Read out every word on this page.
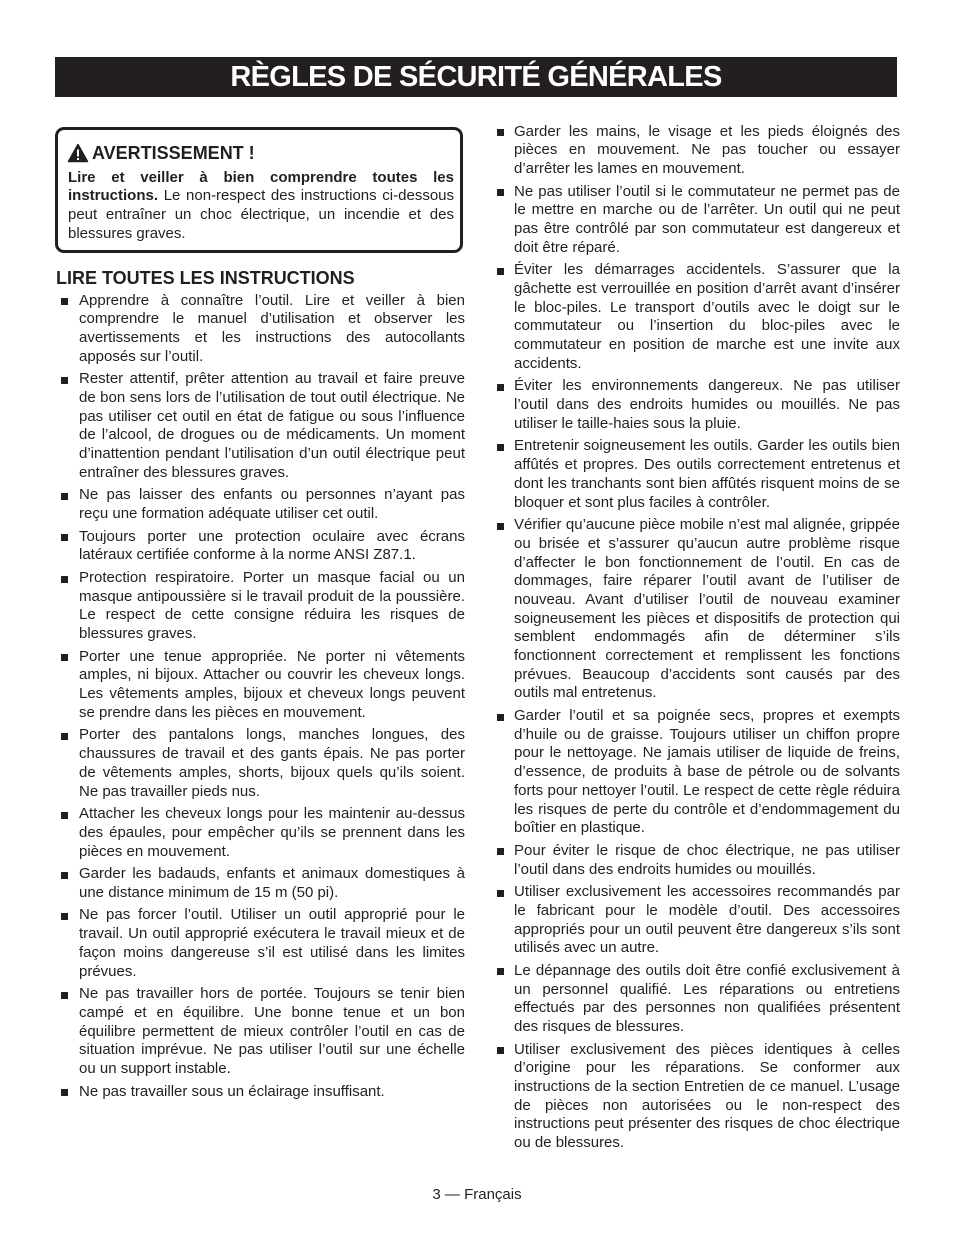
RÈGLES DE SÉCURITÉ GÉNÉRALES
AVERTISSEMENT !

Lire et veiller à bien comprendre toutes les instructions. Le non-respect des instructions ci-dessous peut entraîner un choc électrique, un incendie et des blessures graves.

LIRE TOUTES LES INSTRUCTIONS
Apprendre à connaître l’outil. Lire et veiller à bien comprendre le manuel d’utilisation et observer les avertissements et les instructions des autocollants apposés sur l’outil.
Rester attentif, prêter attention au travail et faire preuve de bon sens lors de l’utilisation de tout outil électrique. Ne pas utiliser cet outil en état de fatigue ou sous l’influence de l’alcool, de drogues ou de médicaments. Un moment d’inattention pendant l’utilisation d’un outil électrique peut entraîner des blessures graves.
Ne pas laisser des enfants ou personnes n’ayant pas reçu une formation adéquate utiliser cet outil.
Toujours porter une protection oculaire avec écrans latéraux certifiée conforme à la norme ANSI Z87.1.
Protection respiratoire. Porter un masque facial ou un masque antipoussière si le travail produit de la poussière. Le respect de cette consigne réduira les risques de blessures graves.
Porter une tenue appropriée. Ne porter ni vêtements amples, ni bijoux. Attacher ou couvrir les cheveux longs. Les vêtements amples, bijoux et cheveux longs peuvent se prendre dans les pièces en mouvement.
Porter des pantalons longs, manches longues, des chaussures de travail et des gants épais. Ne pas porter de vêtements amples, shorts, bijoux quels qu’ils soient. Ne pas travailler pieds nus.
Attacher les cheveux longs pour les maintenir au-dessus des épaules, pour empêcher qu’ils se prennent dans les pièces en mouvement.
Garder les badauds, enfants et animaux domestiques à une distance minimum de 15 m (50 pi).
Ne pas forcer l’outil. Utiliser un outil approprié pour le travail. Un outil approprié exécutera le travail mieux et de façon moins dangereuse s’il est utilisé dans les limites prévues.
Ne pas travailler hors de portée. Toujours se tenir bien campé et en équilibre. Une bonne tenue et un bon équilibre permettent de mieux contrôler l’outil en cas de situation imprévue. Ne pas utiliser l’outil sur une échelle ou un support instable.
Ne pas travailler sous un éclairage insuffisant.
Garder les mains, le visage et les pieds éloignés des pièces en mouvement. Ne pas toucher ou essayer d’arrêter les lames en mouvement.
Ne pas utiliser l’outil si le commutateur ne permet pas de le mettre en marche ou de l’arrêter. Un outil qui ne peut pas être contrôlé par son commutateur est dangereux et doit être réparé.
Éviter les démarrages accidentels. S’assurer que la gâchette est verrouillée en position d’arrêt avant d’insérer le bloc-piles. Le transport d’outils avec le doigt sur le commutateur ou l’insertion du bloc-piles avec le commutateur en position de marche est une invite aux accidents.
Éviter les environnements dangereux. Ne pas utiliser l’outil dans des endroits humides ou mouillés. Ne pas utiliser le taille-haies sous la pluie.
Entretenir soigneusement les outils. Garder les outils bien affûtés et propres. Des outils correctement entretenus et dont les tranchants sont bien affûtés risquent moins de se bloquer et sont plus faciles à contrôler.
Vérifier qu’aucune pièce mobile n’est mal alignée, grippée ou brisée et s’assurer qu’aucun autre problème risque d’affecter le bon fonctionnement de l’outil. En cas de dommages, faire réparer l’outil avant de l’utiliser de nouveau. Avant d’utiliser l’outil de nouveau examiner soigneusement les pièces et dispositifs de protection qui semblent endommagés afin de déterminer s’ils fonctionnent correctement et remplissent les fonctions prévues. Beaucoup d’accidents sont causés par des outils mal entretenus.
Garder l’outil et sa poignée secs, propres et exempts d’huile ou de graisse. Toujours utiliser un chiffon propre pour le nettoyage. Ne jamais utiliser de liquide de freins, d’essence, de produits à base de pétrole ou de solvants forts pour nettoyer l’outil. Le respect de cette règle réduira les risques de perte du contrôle et d’endommagement du boîtier en plastique.
Pour éviter le risque de choc électrique, ne pas utiliser l’outil dans des endroits humides ou mouillés.
Utiliser exclusivement les accessoires recommandés par le fabricant pour le modèle d’outil. Des accessoires appropriés pour un outil peuvent être dangereux s’ils sont utilisés avec un autre.
Le dépannage des outils doit être confié exclusivement à un personnel qualifié. Les réparations ou entretiens effectués par des personnes non qualifiées présentent des risques de blessures.
Utiliser exclusivement des pièces identiques à celles d’origine pour les réparations. Se conformer aux instructions de la section Entretien de ce manuel. L’usage de pièces non autorisées ou le non-respect des instructions peut présenter des risques de choc électrique ou de blessures.
3 — Français
